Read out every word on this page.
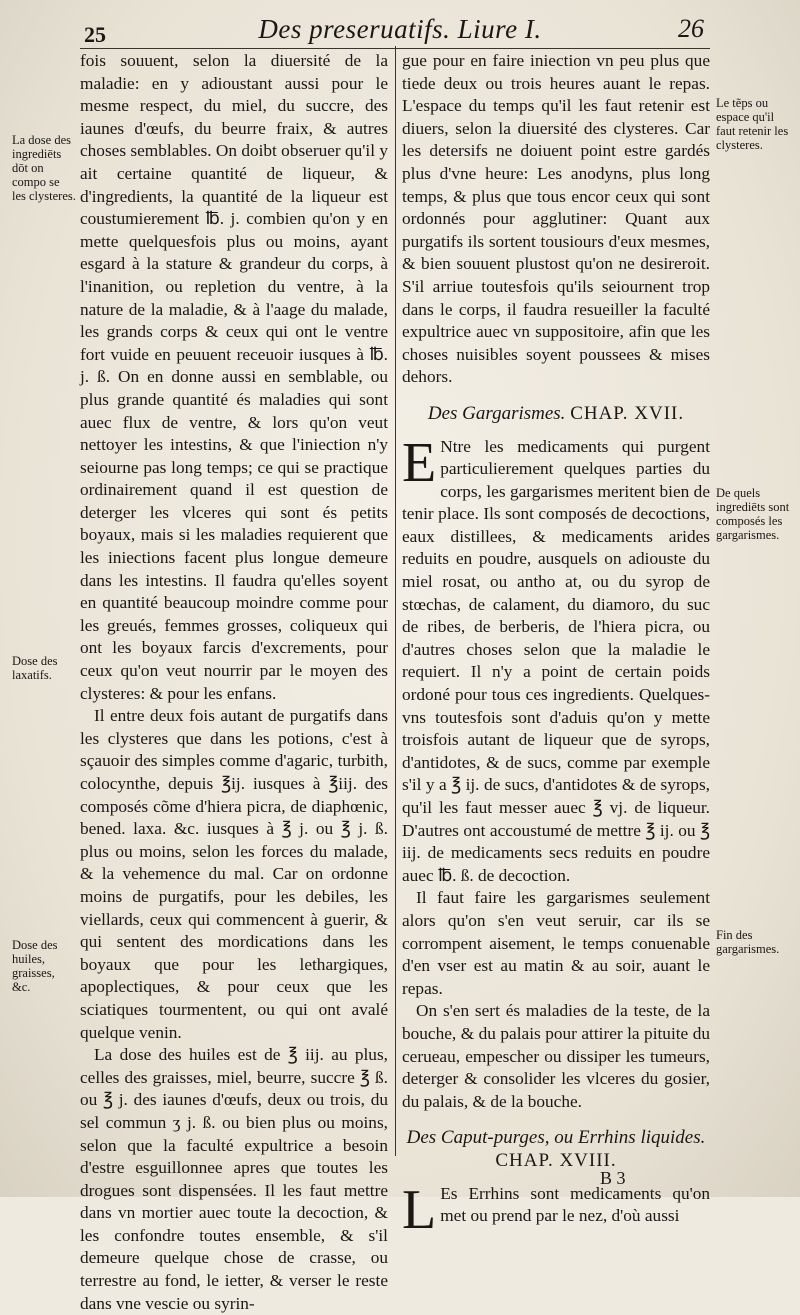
25	Des preseruatifs. Liure I.	26

fois souuent, selon la diuersité de la maladie: en y adioustant aussi pour le mesme respect, du miel, du succre, des iaunes d'œufs, du beurre fraix, & autres choses semblables. On doibt obseruer qu'il y ait certaine quantité de liqueur, & d'ingredients, la quantité de la liqueur est coustumierement ℔. j. combien qu'on y en mette quelquesfois plus ou moins, ayant esgard à la stature & grandeur du corps, à l'inanition, ou repletion du ventre, à la nature de la maladie, & à l'aage du malade, les grands corps & ceux qui ont le ventre fort vuide en peuuent receuoir iusques à ℔. j. ß. On en donne aussi en semblable, ou plus grande quantité és maladies qui sont auec flux de ventre, & lors qu'on veut nettoyer les intestins, & que l'iniection n'y seiourne pas long temps; ce qui se practique ordinairement quand il est question de deterger les vlceres qui sont és petits boyaux, mais si les maladies requierent que les iniections facent plus longue demeure dans les intestins. Il faudra qu'elles soyent en quantité beaucoup moindre comme pour les greués, femmes grosses, coliqueux qui ont les boyaux farcis d'excrements, pour ceux qu'on veut nourrir par le moyen des clysteres: & pour les enfans.

Il entre deux fois autant de purgatifs dans les clysteres que dans les potions, c'est à sçauoir des simples comme d'agaric, turbith, colocynthe, depuis ℥ij. iusques à ℥iij. des composés cõme d'hiera picra, de diaphœnic, bened. laxa. &c. iusques à ℥ j. ou ℥ j. ß. plus ou moins, selon les forces du malade, & la vehemence du mal. Car on ordonne moins de purgatifs, pour les debiles, les viellards, ceux qui commencent à guerir, & qui sentent des mordications dans les boyaux que pour les lethargiques, apoplectiques, & pour ceux que les sciatiques tourmentent, ou qui ont avalé quelque venin.

La dose des huiles est de ℥ iij. au plus, celles des graisses, miel, beurre, succre ℥ ß. ou ℥ j. des iaunes d'œufs, deux ou trois, du sel commun ʒ j. ß. ou bien plus ou moins, selon que la faculté expultrice a besoin d'estre esguillonnee apres que toutes les drogues sont dispensées. Il les faut mettre dans vn mortier auec toute la decoction, & les confondre toutes ensemble, & s'il demeure quelque chose de crasse, ou terrestre au fond, le ietter, & verser le reste dans vne vescie ou syrin-

gue pour en faire iniection vn peu plus que tiede deux ou trois heures auant le repas. L'espace du temps qu'il les faut retenir est diuers, selon la diuersité des clysteres. Car les detersifs ne doiuent point estre gardés plus d'vne heure: Les anodyns, plus long temps, & plus que tous encor ceux qui sont ordonnés pour agglutiner: Quant aux purgatifs ils sortent tousiours d'eux mesmes, & bien souuent plustost qu'on ne desireroit. S'il arriue toutesfois qu'ils seiournent trop dans le corps, il faudra resueiller la faculté expultrice auec vn suppositoire, afin que les choses nuisibles soyent poussees & mises dehors.

Des Gargarismes. CHAP. XVII.

E Ntre les medicaments qui purgent particulierement quelques parties du corps, les gargarismes meritent bien de tenir place. Ils sont composés de decoctions, eaux distillees, & medicaments arides reduits en poudre, ausquels on adiouste du miel rosat, ou antho at, ou du syrop de stœchas, de calament, du diamoro, du suc de ribes, de berberis, de l'hiera picra, ou d'autres choses selon que la maladie le requiert. Il n'y a point de certain poids ordoné pour tous ces ingredients. Quelques-vns toutesfois sont d'aduis qu'on y mette troisfois autant de liqueur que de syrops, d'antidotes, & de sucs, comme par exemple s'il y a ℥ ij. de sucs, d'antidotes & de syrops, qu'il les faut messer auec ℥ vj. de liqueur. D'autres ont accoustumé de mettre ℥ ij. ou ℥ iij. de medicaments secs reduits en poudre auec ℔. ß. de decoction.

Il faut faire les gargarismes seulement alors qu'on s'en veut seruir, car ils se corrompent aisement, le temps conuenable d'en vser est au matin & au soir, auant le repas.

On s'en sert és maladies de la teste, de la bouche, & du palais pour attirer la pituite du cerueau, empescher ou dissiper les tumeurs, deterger & consolider les vlceres du gosier, du palais, & de la bouche.

Des Caput-purges, ou Errhins liquides. CHAP. XVIII.

L Es Errhins sont medicaments qu'on met ou prend par le nez, d'où aussi

La dose des ingrediēts dōt on compo se les clysteres.
Dose des laxatifs.
Dose des huiles, graisses, &c.
Le tẽps ou espace qu'il faut retenir les clysteres.
De quels ingrediēts sont composés les gargarismes.
Fin des gargarismes.
B 3
